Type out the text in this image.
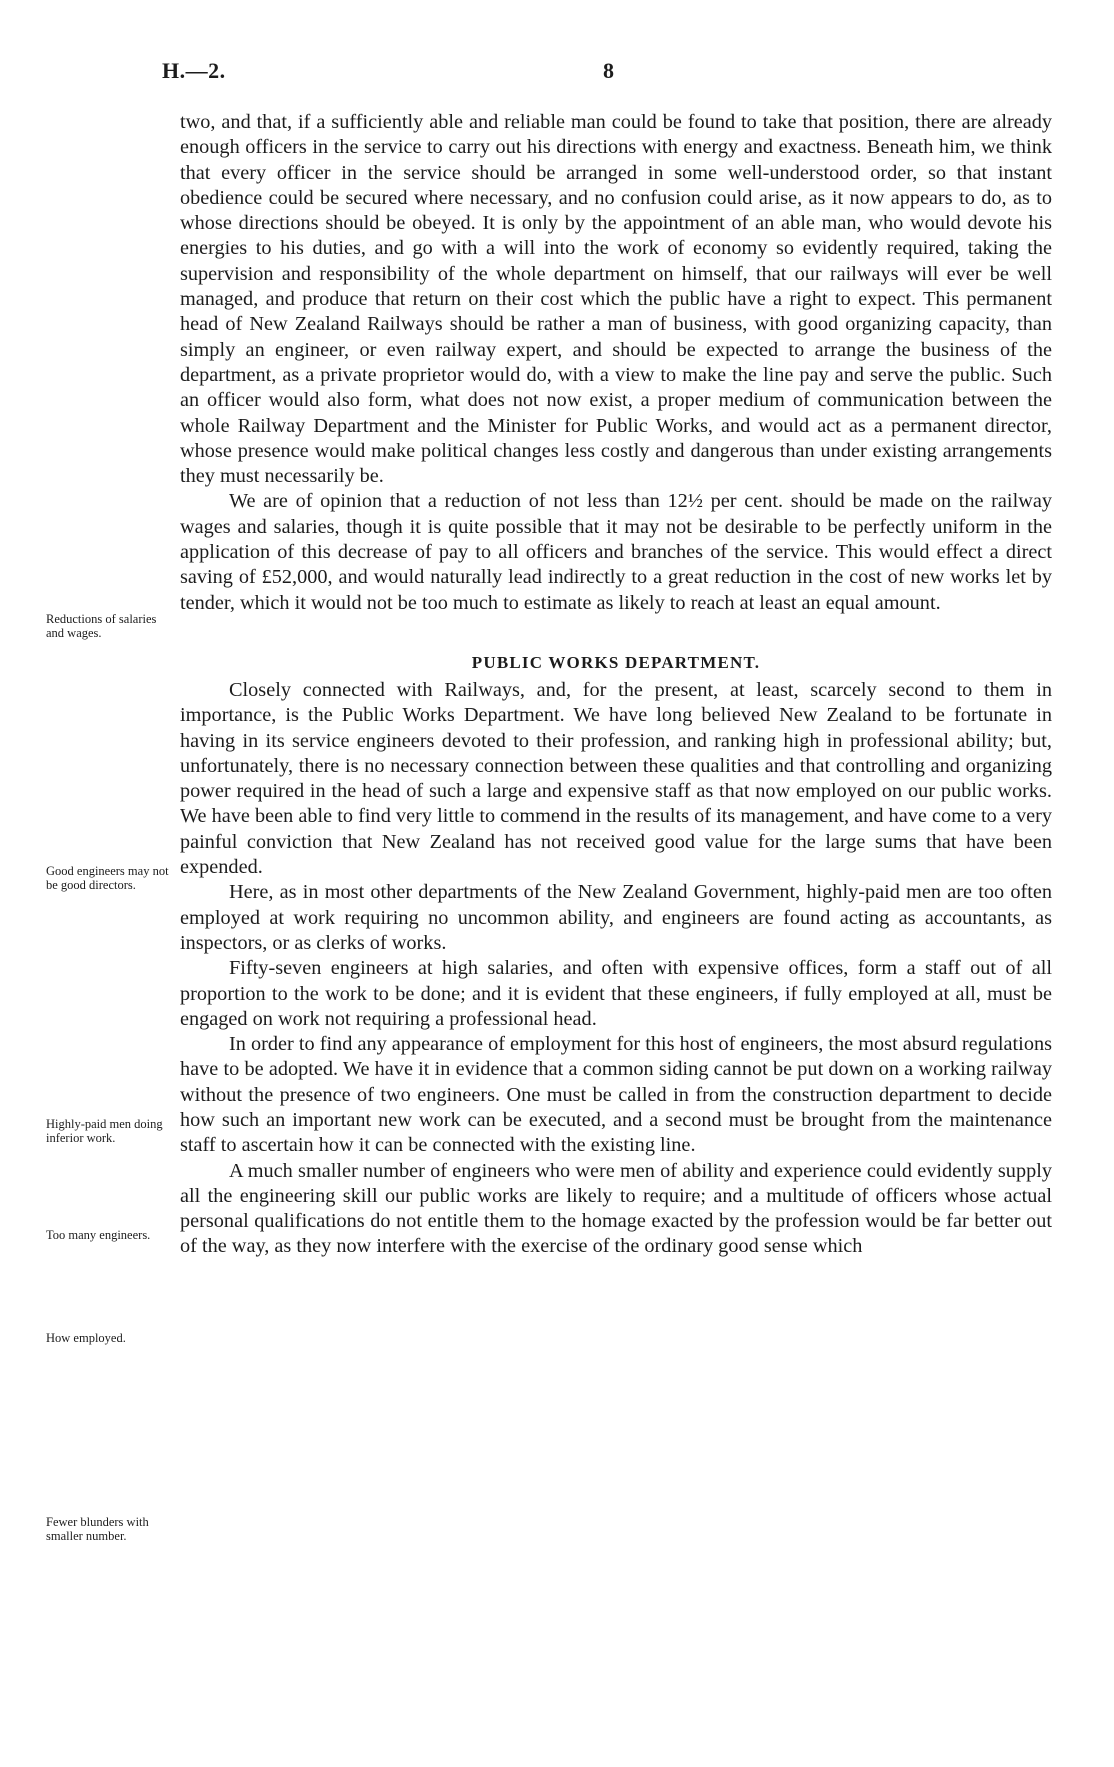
H.—2.	8
Reductions of salaries and wages.
Good engineers may not be good directors.
Highly-paid men doing inferior work.
Too many engineers.
How employed.
Fewer blunders with smaller number.

two, and that, if a sufficiently able and reliable man could be found to take that position, there are already enough officers in the service to carry out his directions with energy and exactness. Beneath him, we think that every officer in the service should be arranged in some well-understood order, so that instant obedience could be secured where necessary, and no confusion could arise, as it now appears to do, as to whose directions should be obeyed. It is only by the appointment of an able man, who would devote his energies to his duties, and go with a will into the work of economy so evidently required, taking the supervision and responsibility of the whole department on himself, that our railways will ever be well managed, and produce that return on their cost which the public have a right to expect. This permanent head of New Zealand Railways should be rather a man of business, with good organizing capacity, than simply an engineer, or even railway expert, and should be expected to arrange the business of the department, as a private proprietor would do, with a view to make the line pay and serve the public. Such an officer would also form, what does not now exist, a proper medium of communication between the whole Railway Department and the Minister for Public Works, and would act as a permanent director, whose presence would make political changes less costly and dangerous than under existing arrangements they must necessarily be.

We are of opinion that a reduction of not less than 12½ per cent. should be made on the railway wages and salaries, though it is quite possible that it may not be desirable to be perfectly uniform in the application of this decrease of pay to all officers and branches of the service. This would effect a direct saving of £52,000, and would naturally lead indirectly to a great reduction in the cost of new works let by tender, which it would not be too much to estimate as likely to reach at least an equal amount.

PUBLIC WORKS DEPARTMENT.

Closely connected with Railways, and, for the present, at least, scarcely second to them in importance, is the Public Works Department. We have long believed New Zealand to be fortunate in having in its service engineers devoted to their profession, and ranking high in professional ability; but, unfortunately, there is no necessary connection between these qualities and that controlling and organizing power required in the head of such a large and expensive staff as that now employed on our public works. We have been able to find very little to commend in the results of its management, and have come to a very painful conviction that New Zealand has not received good value for the large sums that have been expended.

Here, as in most other departments of the New Zealand Government, highly-paid men are too often employed at work requiring no uncommon ability, and engineers are found acting as accountants, as inspectors, or as clerks of works.

Fifty-seven engineers at high salaries, and often with expensive offices, form a staff out of all proportion to the work to be done; and it is evident that these engineers, if fully employed at all, must be engaged on work not requiring a professional head.

In order to find any appearance of employment for this host of engineers, the most absurd regulations have to be adopted. We have it in evidence that a common siding cannot be put down on a working railway without the presence of two engineers. One must be called in from the construction department to decide how such an important new work can be executed, and a second must be brought from the maintenance staff to ascertain how it can be connected with the existing line.

A much smaller number of engineers who were men of ability and experience could evidently supply all the engineering skill our public works are likely to require; and a multitude of officers whose actual personal qualifications do not entitle them to the homage exacted by the profession would be far better out of the way, as they now interfere with the exercise of the ordinary good sense which
